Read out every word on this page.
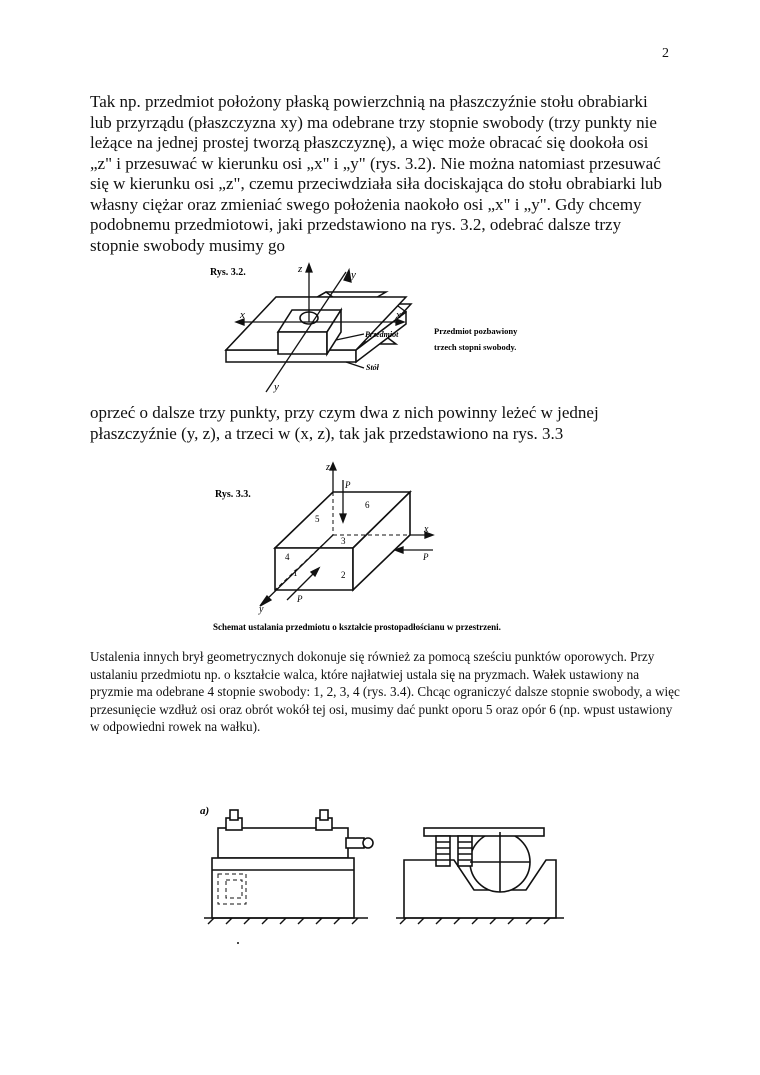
2

Tak np. przedmiot położony płaską powierzchnią na płaszczyźnie stołu obrabiarki lub przyrządu (płaszczyzna xy) ma odebrane trzy stopnie swobody (trzy punkty nie leżące na jednej prostej tworzą płaszczyznę), a więc może obracać się dookoła osi „z" i przesuwać w kierunku osi „x" i „y" (rys. 3.2). Nie można natomiast przesuwać się w kierunku osi „z", czemu przeciwdziała siła dociskająca do stołu obrabiarki lub własny ciężar oraz zmieniać swego położenia naokoło osi „x" i „y". Gdy chcemy podobnemu przedmiotowi, jaki przedstawiono na rys. 3.2, odebrać dalsze trzy stopnie swobody musimy go

Rys. 3.2.	z	y
x	x
y
Przedmiot
Stół
Przedmiot pozbawiony
trzech stopni swobody.

oprzeć o dalsze trzy punkty, przy czym dwa z nich powinny leżeć w jednej płaszczyźnie (y, z), a trzeci w (x, z), tak jak przedstawiono na rys. 3.3

Rys. 3.3.
z
x
y
P
P
P
5
6
3
2
1
4
Schemat ustalania przedmiotu o kształcie prostopadłościanu w przestrzeni.

Ustalenia innych brył geometrycznych dokonuje się również za pomocą sześciu punktów oporowych. Przy ustalaniu przedmiotu np. o kształcie walca, które najłatwiej ustala się na pryzmach. Wałek ustawiony na pryzmie ma odebrane 4 stopnie swobody: 1, 2, 3, 4 (rys. 3.4). Chcąc ograniczyć dalsze stopnie swobody, a więc przesunięcie wzdłuż osi oraz obrót wokół tej osi, musimy dać punkt oporu 5 oraz opór 6 (np. wpust ustawiony w odpowiedni rowek na wałku).

a)
